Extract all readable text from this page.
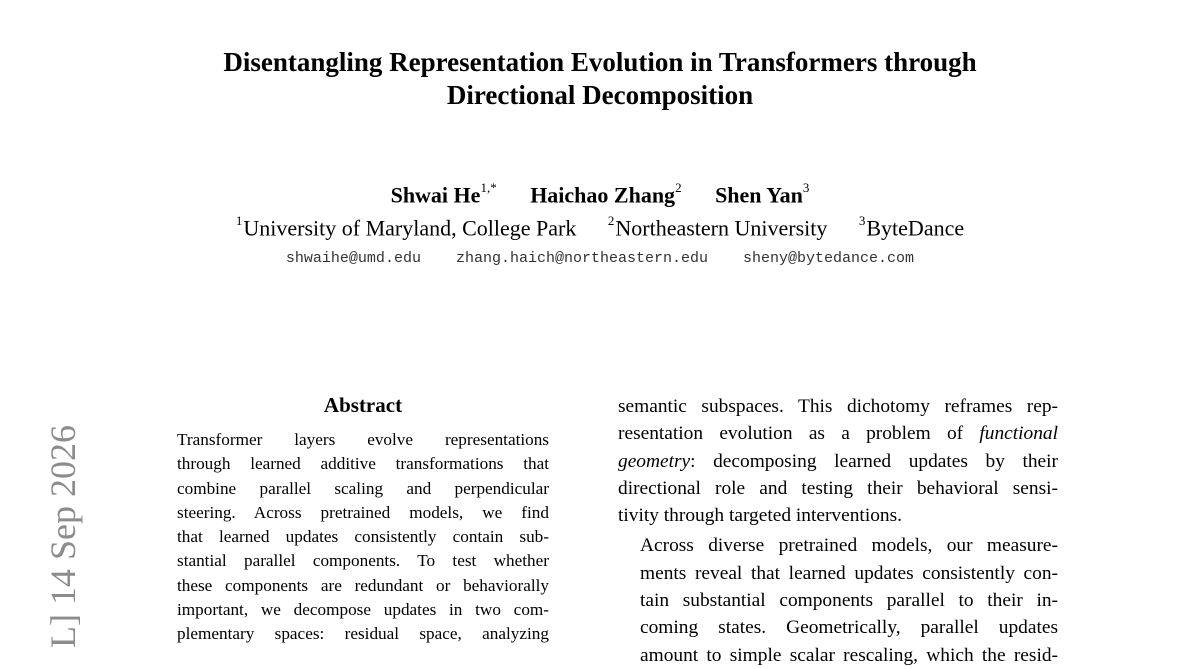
Disentangling Representation Evolution in Transformers through
Directional Decomposition
Shwai $He^{1,*}$ Haichao Zhang$^2$ Shen Yan$^3$
$^1$University of Maryland, College Park $^2$Northeastern University $^3$ByteDance
shwaihe@umd.edu zhang.haich@northeastern.edu sheny@bytedance.com
L] 14 Sep 2026
Abstract
Transformer layers evolve representations
through learned additive transformations that
combine parallel scaling and perpendicular
steering. Across pretrained models, we find
that learned updates consistently contain sub-
stantial parallel components. To test whether
these components are redundant or behaviorally
important, we decompose updates in two com-
plementary spaces: residual space, analyzing

semantic subspaces. This dichotomy reframes rep-
resentation evolution as a problem of functional
geometry: decomposing learned updates by their
directional role and testing their behavioral sensi-
tivity through targeted interventions.

Across diverse pretrained models, our measure-
ments reveal that learned updates consistently con-
tain substantial components parallel to their in-
coming states. Geometrically, parallel updates
amount to simple scalar rescaling, which the resid-
